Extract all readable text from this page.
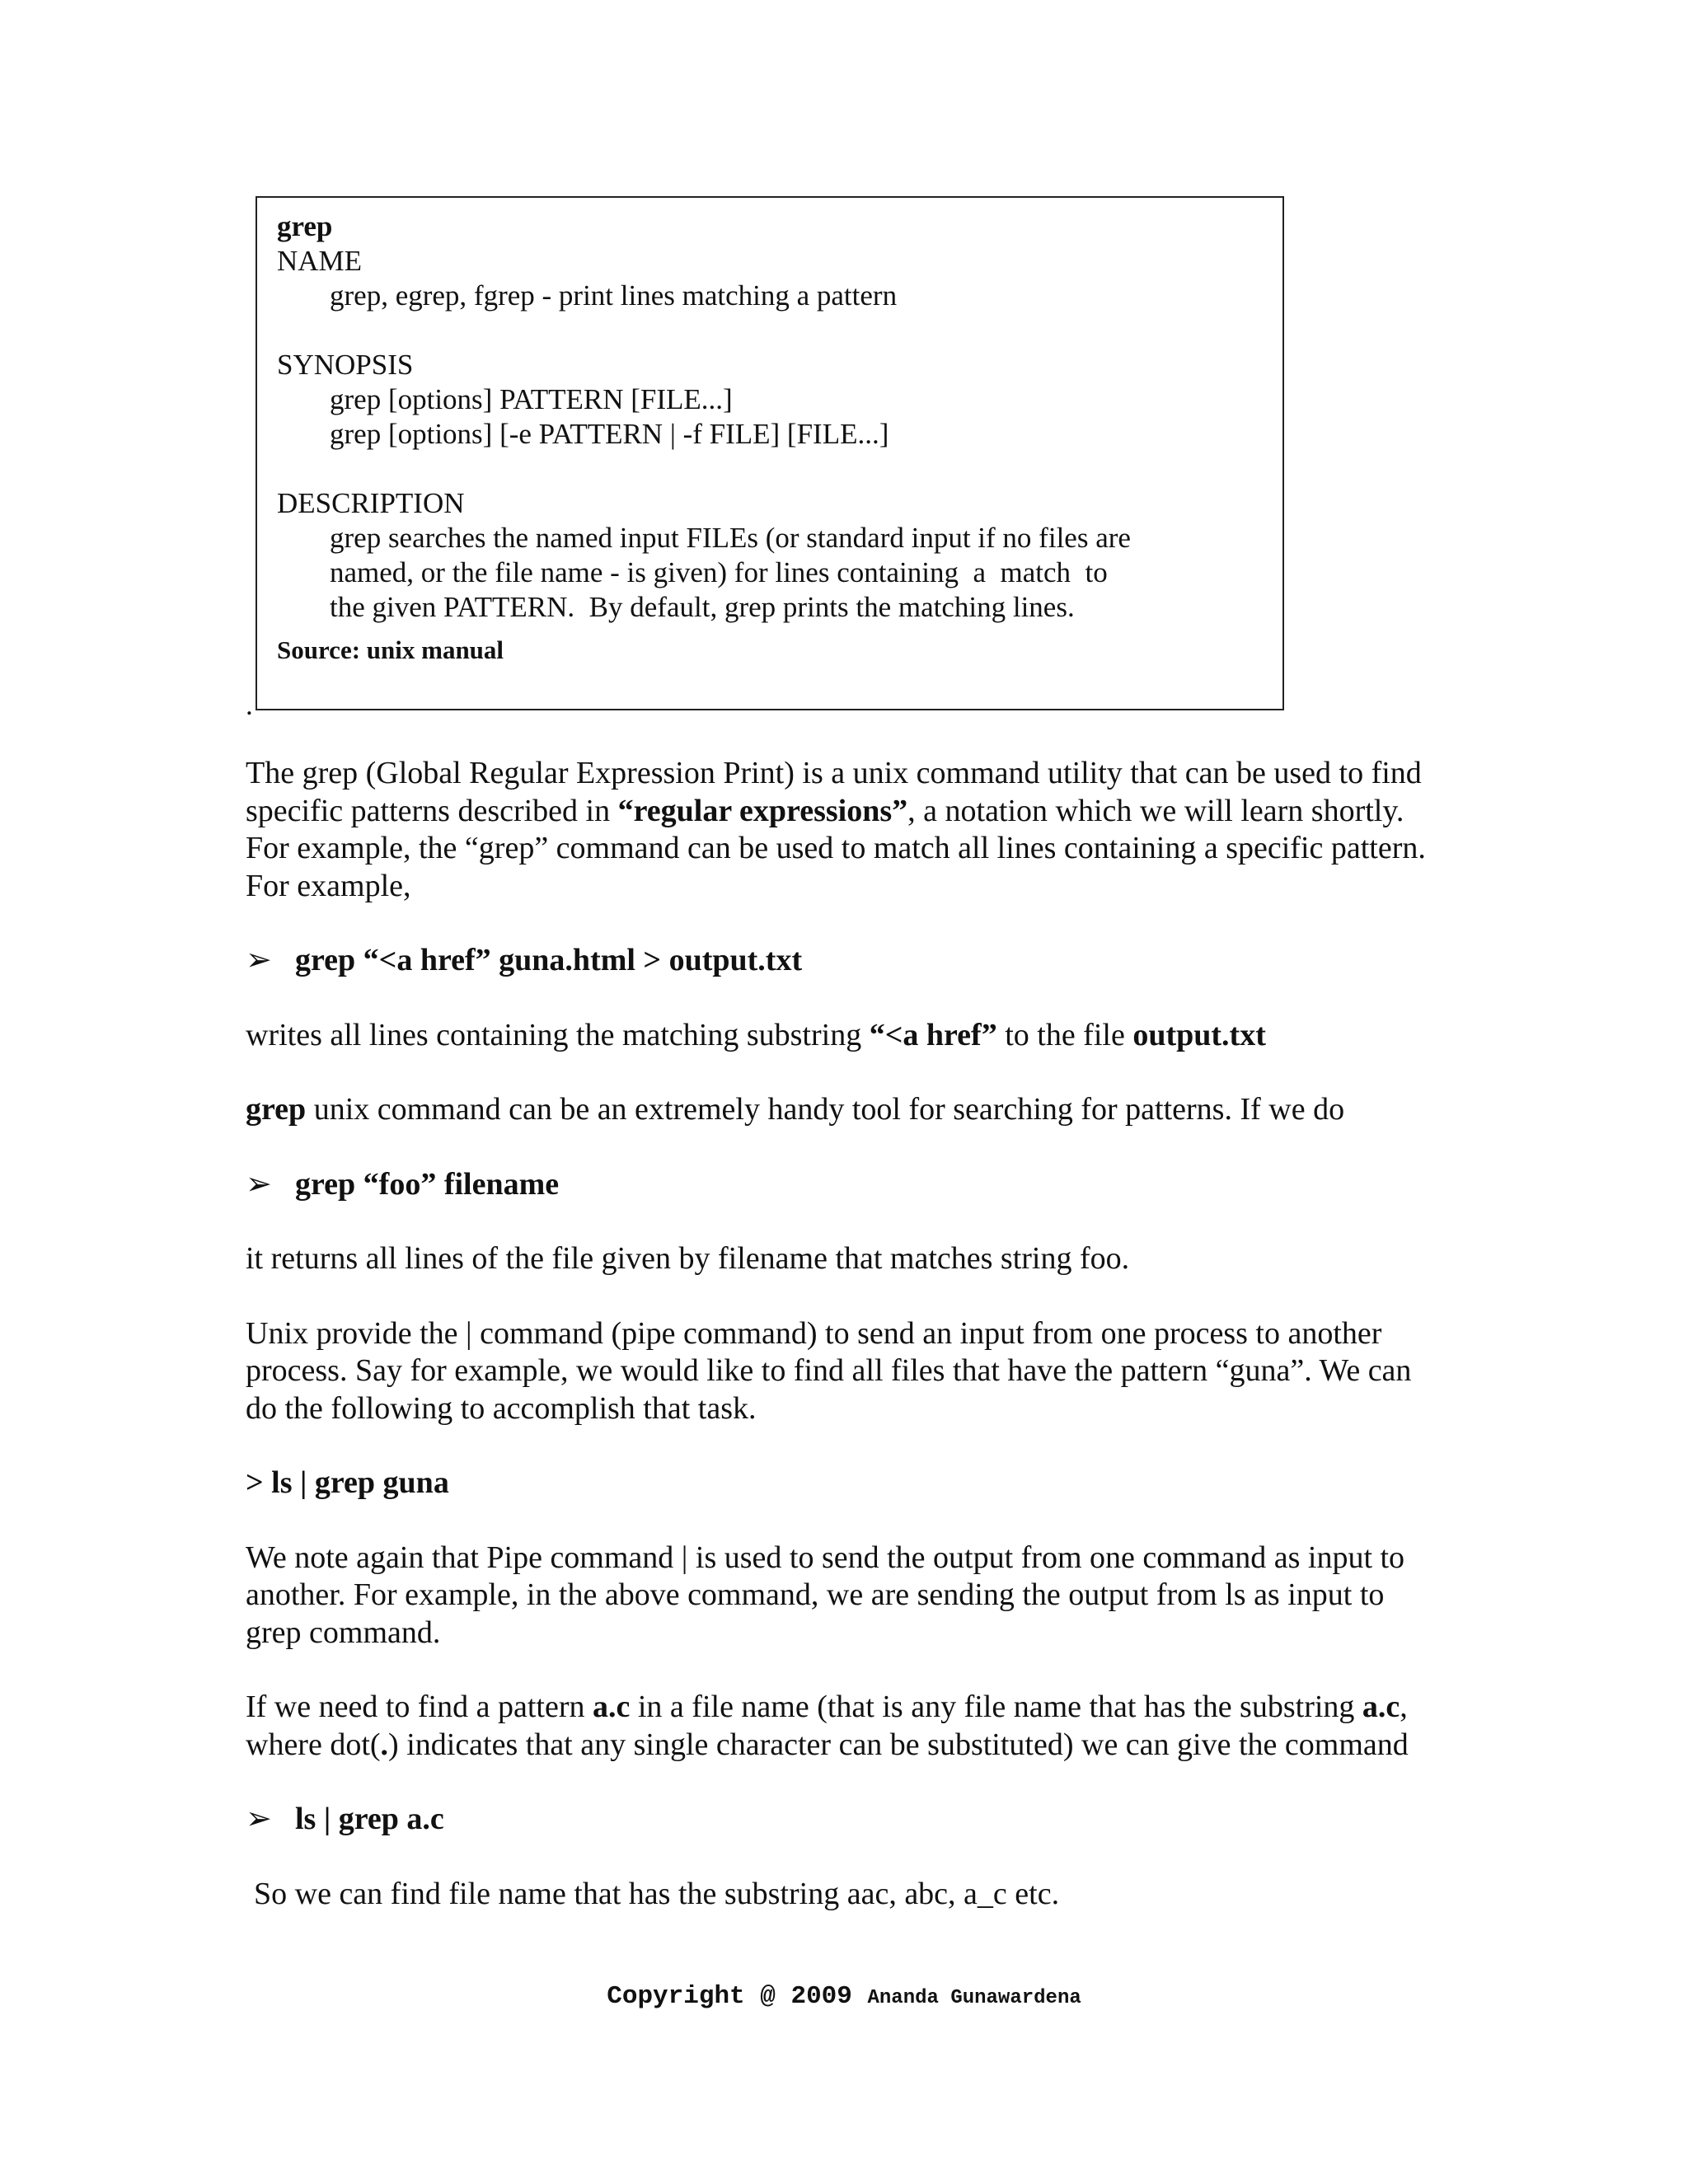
grep
NAME
grep, egrep, fgrep - print lines matching a pattern
SYNOPSIS
grep [options] PATTERN [FILE...]
grep [options] [-e PATTERN | -f FILE] [FILE...]
DESCRIPTION
grep searches the named input FILEs (or standard input if no files are
named, or the file name - is given) for lines containing  a  match  to
the given PATTERN.  By default, grep prints the matching lines.
Source: unix manual
.

The grep (Global Regular Expression Print) is a unix command utility that can be used to find specific patterns described in “regular expressions”, a notation which we will learn shortly. For example, the “grep” command can be used to match all lines containing a specific pattern. For example,

➢ grep “<a href” guna.html > output.txt

writes all lines containing the matching substring “<a href” to the file output.txt

grep unix command can be an extremely handy tool for searching for patterns. If we do

➢ grep “foo” filename

it returns all lines of the file given by filename that matches string foo.

Unix provide the | command (pipe command) to send an input from one process to another process. Say for example, we would like to find all files that have the pattern “guna”. We can do the following to accomplish that task.

> ls | grep guna

We note again that Pipe command | is used to send the output from one command as input to another. For example, in the above command, we are sending the output from ls as input to grep command.

If we need to find a pattern a.c in a file name (that is any file name that has the substring a.c, where dot(.) indicates that any single character can be substituted) we can give the command

➢ ls | grep a.c

So we can find file name that has the substring aac, abc, a_c etc.

Copyright @ 2009 Ananda Gunawardena
